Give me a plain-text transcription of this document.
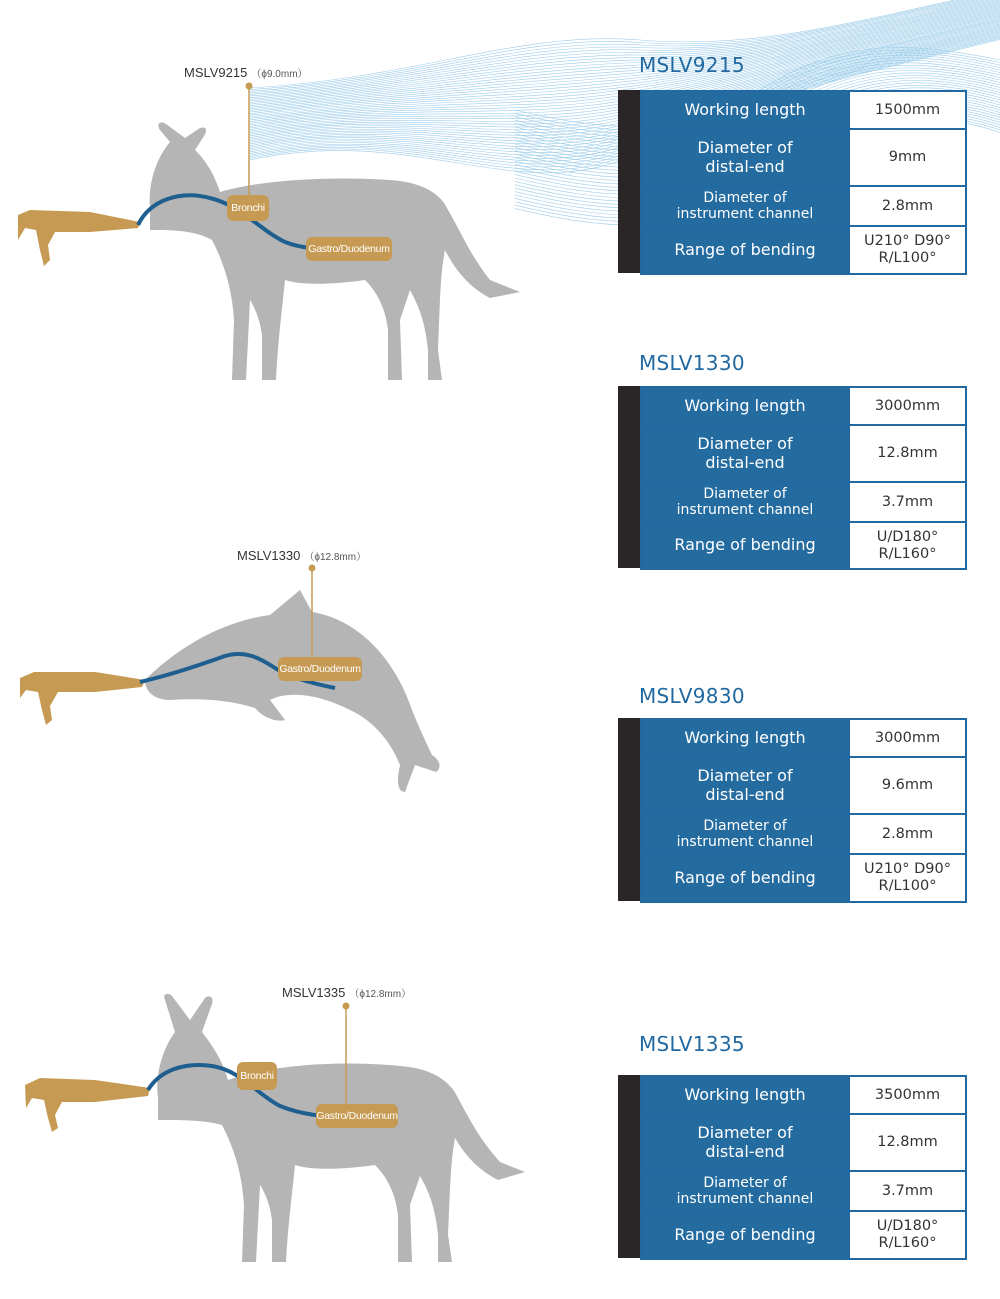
MSLV9215 （ϕ9.0mm）
Bronchi
Gastro/Duodenum
MSLV1330 （ϕ12.8mm）
Gastro/Duodenum
MSLV1335 （ϕ12.8mm）
Bronchi
Gastro/Duodenum
MSLV9215
Working length	1500mm
Diameter of
distal-end	9mm
Diameter of
instrument channel	2.8mm
Range of bending	U210° D90°
R/L100°
MSLV1330
Working length	3000mm
Diameter of
distal-end	12.8mm
Diameter of
instrument channel	3.7mm
Range of bending	U/D180°
R/L160°
MSLV9830
Working length	3000mm
Diameter of
distal-end	9.6mm
Diameter of
instrument channel	2.8mm
Range of bending	U210° D90°
R/L100°
MSLV1335
Working length	3500mm
Diameter of
distal-end	12.8mm
Diameter of
instrument channel	3.7mm
Range of bending	U/D180°
R/L160°
